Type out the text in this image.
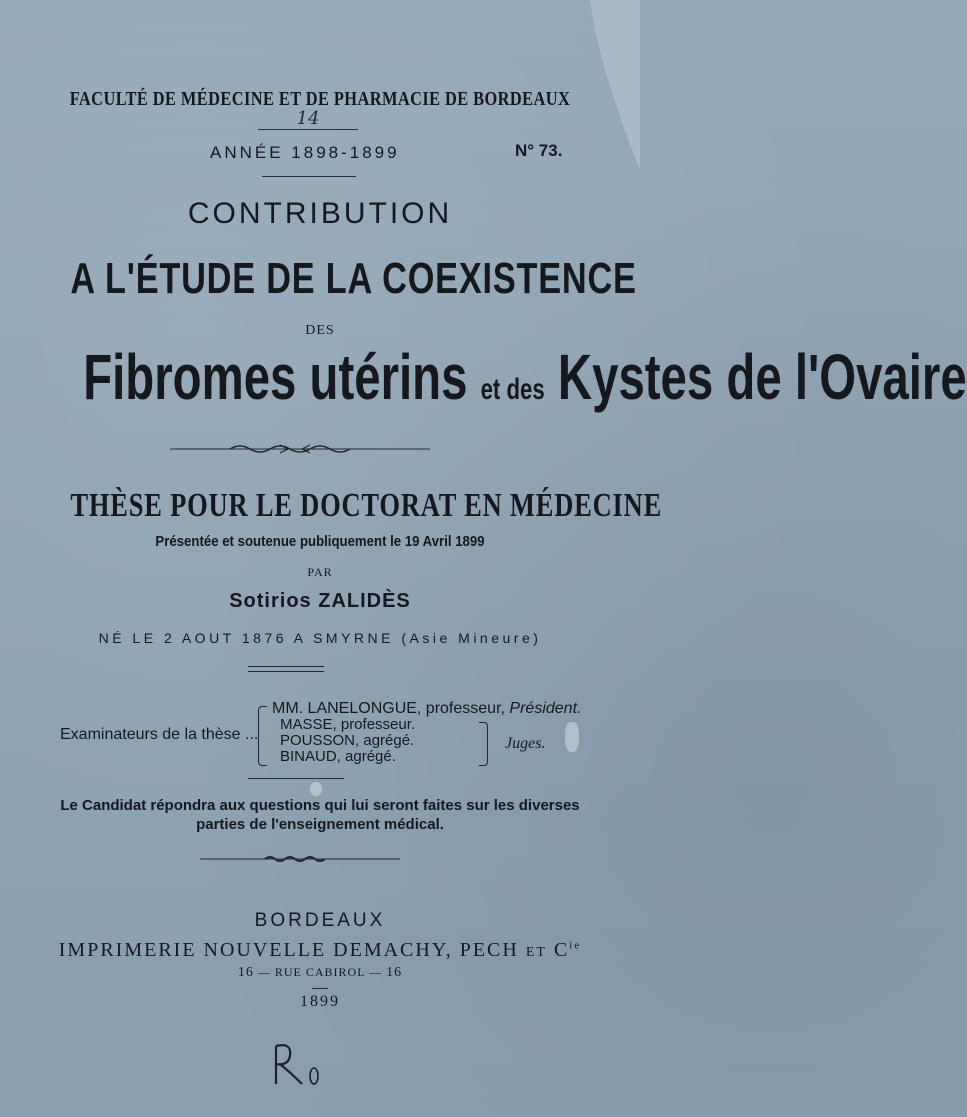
FACULTÉ DE MÉDECINE ET DE PHARMACIE DE BORDEAUX
14
ANNÉE 1898-1899	N° 73.
CONTRIBUTION
A L'ÉTUDE DE LA COEXISTENCE
DES
Fibromes utérins et des Kystes de l'Ovaire
THÈSE POUR LE DOCTORAT EN MÉDECINE
Présentée et soutenue publiquement le 19 Avril 1899
PAR
Sotirios ZALIDÈS
NÉ LE 2 AOUT 1876 A SMYRNE (Asie Mineure)
Examinateurs de la thèse ...
MM. LANELONGUE, professeur, Président.
MASSE, professeur.
POUSSON, agrégé.
BINAUD, agrégé.
Juges.
Le Candidat répondra aux questions qui lui seront faites sur les diverses
parties de l'enseignement médical.
BORDEAUX
IMPRIMERIE NOUVELLE DEMACHY, PECH ET $C^{ie}$
16 — RUE CABIROL — 16
1899
